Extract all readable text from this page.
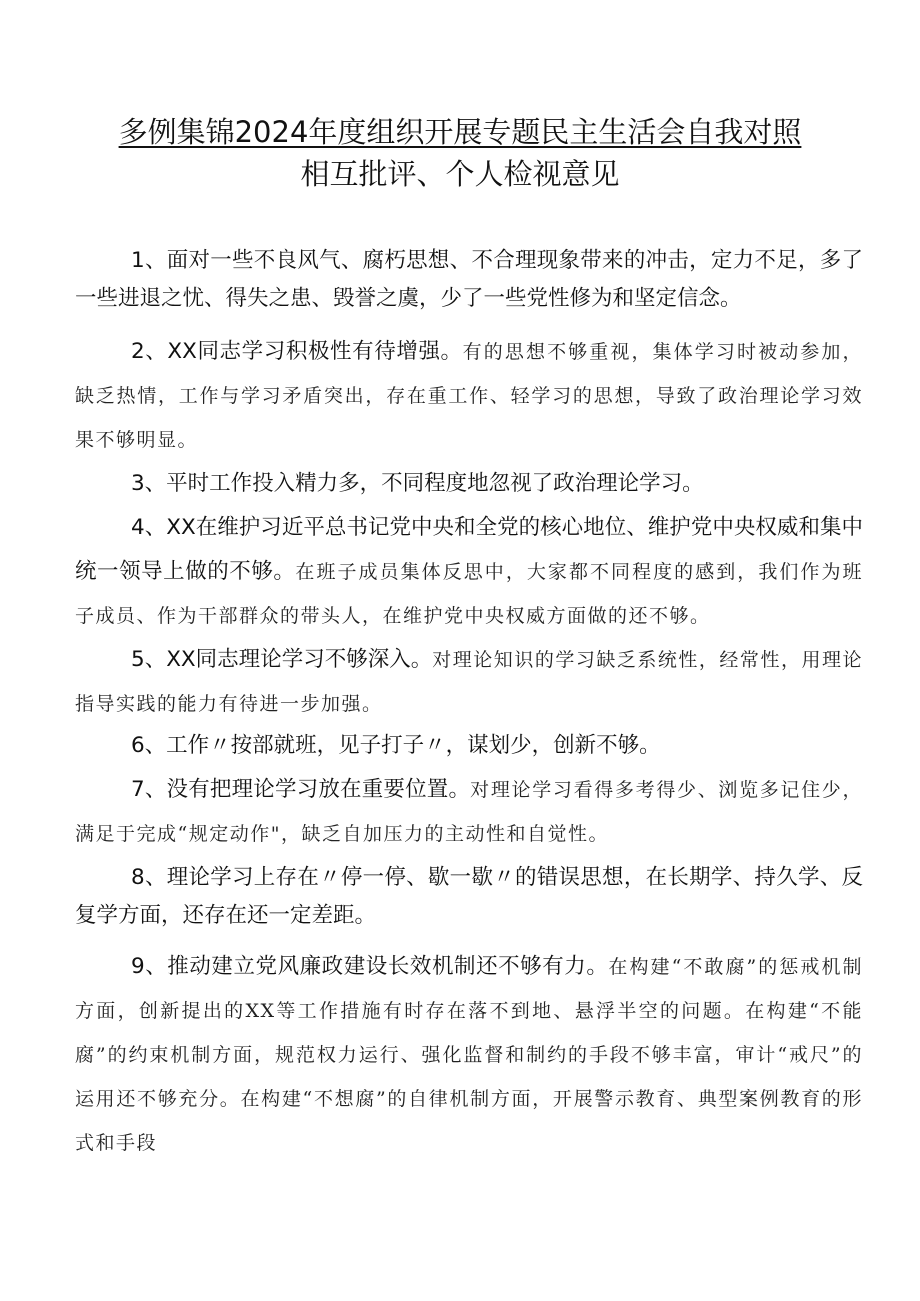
多例集锦2024年度组织开展专题民主生活会自我对照
相互批评、个人检视意见

1、面对一些不良风气、腐朽思想、不合理现象带来的冲击，定力不足，多了一些进退之忧、得失之患、毁誉之虞，少了一些党性修为和坚定信念。

2、XX同志学习积极性有待增强。有的思想不够重视，集体学习时被动参加，缺乏热情，工作与学习矛盾突出，存在重工作、轻学习的思想，导致了政治理论学习效果不够明显。

3、平时工作投入精力多，不同程度地忽视了政治理论学习。

4、XX在维护习近平总书记党中央和全党的核心地位、维护党中央权威和集中统一领导上做的不够。在班子成员集体反思中，大家都不同程度的感到，我们作为班子成员、作为干部群众的带头人，在维护党中央权威方面做的还不够。

5、XX同志理论学习不够深入。对理论知识的学习缺乏系统性，经常性，用理论指导实践的能力有待进一步加强。

6、工作〃按部就班，见子打子〃，谋划少，创新不够。

7、没有把理论学习放在重要位置。对理论学习看得多考得少、浏览多记住少，满足于完成“规定动作"，缺乏自加压力的主动性和自觉性。

8、理论学习上存在〃停一停、歇一歇〃的错误思想，在长期学、持久学、反复学方面，还存在还一定差距。

9、推动建立党风廉政建设长效机制还不够有力。在构建“不敢腐”的惩戒机制方面，创新提出的XX等工作措施有时存在落不到地、悬浮半空的问题。在构建“不能腐”的约束机制方面，规范权力运行、强化监督和制约的手段不够丰富，审计“戒尺”的运用还不够充分。在构建“不想腐”的自律机制方面，开展警示教育、典型案例教育的形式和手段
